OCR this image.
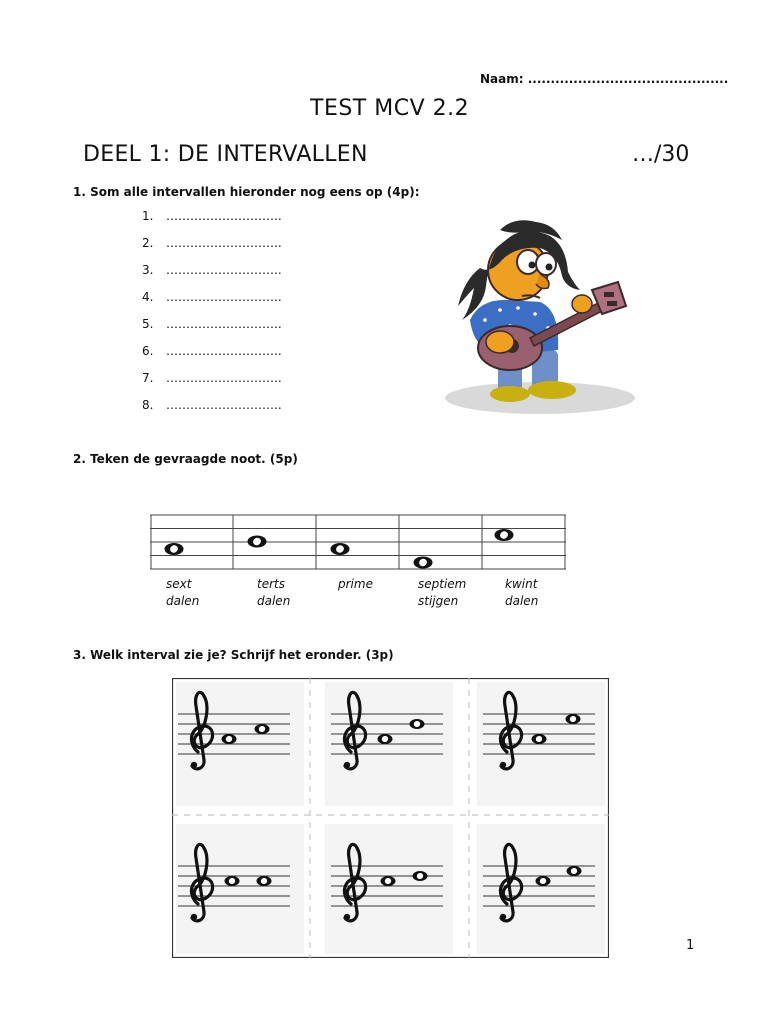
Naam: ............................................
TEST MCV 2.2
DEEL 1: DE INTERVALLEN	…/30
1. Som alle intervallen hieronder nog eens op (4p):
1.	………………………..
2.	………………………..
3.	………………………..
4.	………………………..
5.	………………………..
6.	………………………..
7.	………………………..
8.	………………………..
2. Teken de gevraagde noot. (5p)
sext
dalen
terts
dalen
prime	septiem
stijgen
kwint
dalen
3. Welk interval zie je? Schrijf het eronder. (3p)
1
